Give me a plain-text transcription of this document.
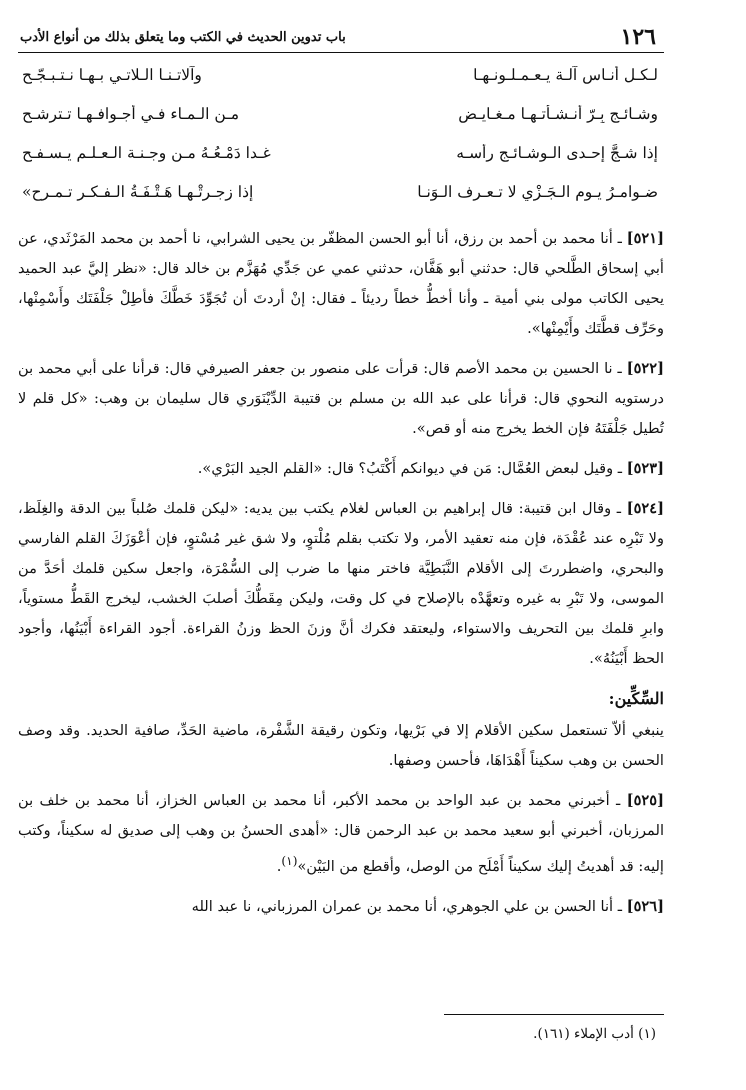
١٢٦
باب تدوين الحديث في الكتب وما يتعلق بذلك من أنواع الأدب
لـكـل أنـاس آلـة يـعـمـلـونـهـا
وآلاتـنـا الـلاتـي بـهـا نـتـبـجّـح
وشـائـج بِـرّ أنـشـأتـهـا مـغـايـض
مـن الـمـاء فـي أجـوافـهـا تـترشـح
إذا شـجَّ إحـدى الـوشـائـج رأسـه
غـدا دَمْـعُـهُ مـن وجـنـة الـعـلـم يـسـفـح
ضـوامـرُ يـوم الـجَـزْي لا تـعـرف الـوَنـا
إذا زجـرتْـهـا هَـتْـفَـةُ الـفـكـر تـمـرح»

[٥٢١] ـ أنا محمد بن أحمد بن رزق، أنا أبو الحسن المظفّر بن يحيى الشرابي، نا أحمد بن محمد المَرْثَدي، عن أبي إسحاق الطَّلحي قال: حدثني أبو هَفَّان، حدثني عمي عن جَدِّي مُهَزَّم بن خالد قال: «نظر إليَّ عبد الحميد يحيى الكاتب مولى بني أمية ـ وأنا أخطُّ خطاً رديئاً ـ فقال: إنْ أردتَ أن تُجَوِّدَ خَطَّكَ فأطِلْ جَلْفَتَك وأَسْمِنْها، وحَرِّف قطَّتَك وأَيْمِنْها».

[٥٢٢] ـ نا الحسين بن محمد الأصم قال: قرأت على منصور بن جعفر الصيرفي قال: قرأنا على أبي محمد بن درستويه النحوي قال: قرأنا على عبد الله بن مسلم بن قتيبة الدِّيْنَوَري قال سليمان بن وهب: «كل قلم لا تُطيل جَلْفَتَهُ فإن الخط يخرج منه أو قص».

[٥٢٣] ـ وقيل لبعض العُمَّال: مَن في ديوانكم أَكْتَبُ؟ قال: «القلم الجيد البَرْي».

[٥٢٤] ـ وقال ابن قتيبة: قال إبراهيم بن العباس لغلام يكتب بين يديه: «ليكن قلمك صُلباً بين الدقة والغِلَظ، ولا تَبْرِه عند عُقْدَة، فإن منه تعقيد الأمر، ولا تكتب بقلم مُلْتوٍ، ولا شق غير مُسْتوٍ، فإن أعْوَزَكَ القلم الفارسي والبحري، واضطررتَ إلى الأقلام النَّبَطِيَّة فاختر منها ما ضرب إلى السُّمْرَة، واجعل سكين قلمك أحَدَّ من الموسى، ولا تَبْرِ به غيره وتعهَّدْه بالإصلاح في كل وقت، وليكن مِقَطُّكَ أصلبَ الخشب، ليخرج القَطُّ مستوياً، وابرِ قلمك بين التحريف والاستواء، وليعتقد فكرك أنَّ وزنَ الحظ وزنُ القراءة. أجود القراءة أَبْيَنُها، وأجود الحظ أَبْيَنُهُ».

السِّكِّين:

ينبغي ألاّ تستعمل سكين الأقلام إلا في بَرْيها، وتكون رقيقة الشَّفْرة، ماضية الحَدِّ، صافية الحديد. وقد وصف الحسن بن وهب سكيناً أَهْدَاهَا، فأحسن وصفها.

[٥٢٥] ـ أخبرني محمد بن عبد الواحد بن محمد الأكبر، أنا محمد بن العباس الخزاز، أنا محمد بن خلف بن المرزبان، أخبرني أبو سعيد محمد بن عبد الرحمن قال: «أهدى الحسنُ بن وهب إلى صديق له سكيناً، وكتب إليه: قد أهديتُ إليك سكيناً أَمْلَح من الوصل، وأقطع من البَيْن»$^{(١)}$.

[٥٢٦] ـ أنا الحسن بن علي الجوهري، أنا محمد بن عمران المرزباني، نا عبد الله

(١) أدب الإملاء (١٦١).
